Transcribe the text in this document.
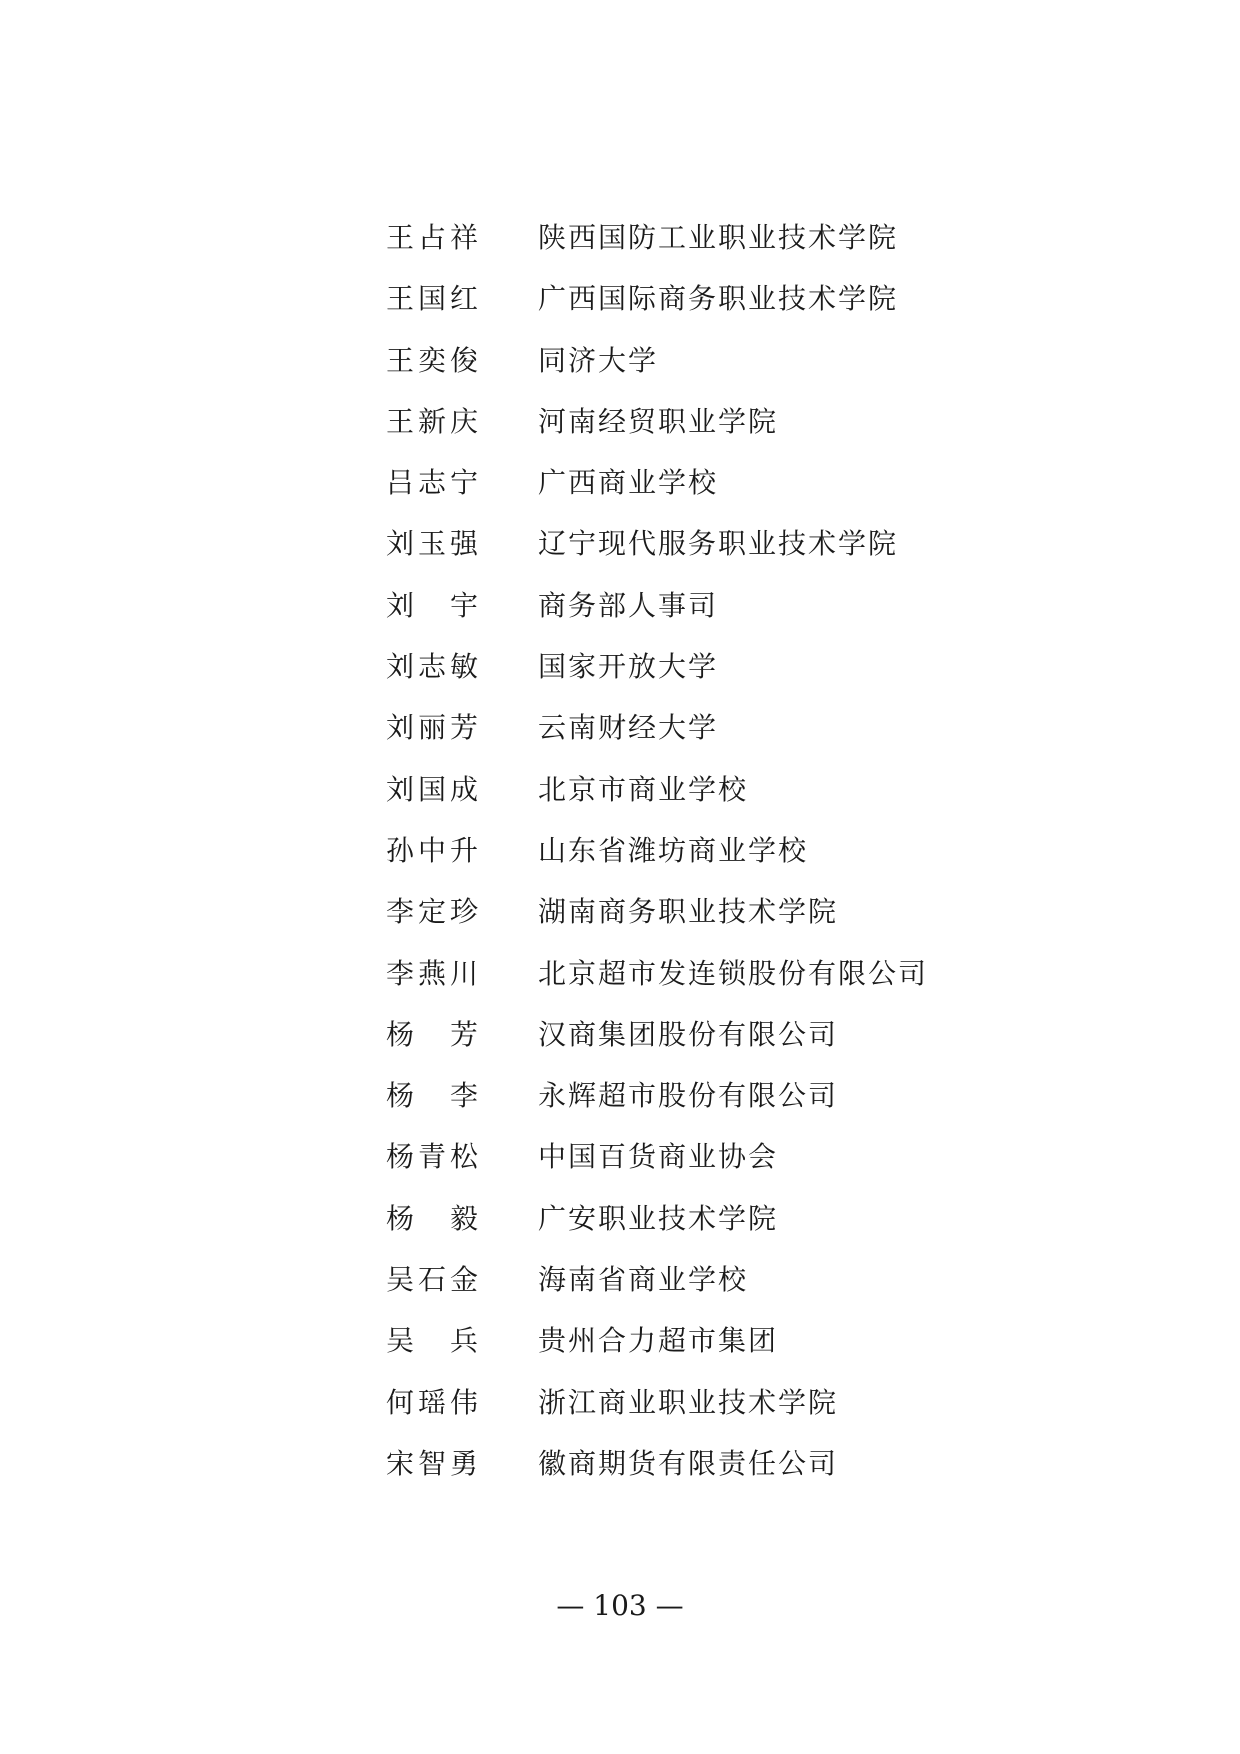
王占祥	陕西国防工业职业技术学院
王国红	广西国际商务职业技术学院
王奕俊	同济大学
王新庆	河南经贸职业学院
吕志宁	广西商业学校
刘玉强	辽宁现代服务职业技术学院
刘　宇	商务部人事司
刘志敏	国家开放大学
刘丽芳	云南财经大学
刘国成	北京市商业学校
孙中升	山东省潍坊商业学校
李定珍	湖南商务职业技术学院
李燕川	北京超市发连锁股份有限公司
杨　芳	汉商集团股份有限公司
杨　李	永辉超市股份有限公司
杨青松	中国百货商业协会
杨　毅	广安职业技术学院
吴石金	海南省商业学校
吴　兵	贵州合力超市集团
何瑶伟	浙江商业职业技术学院
宋智勇	徽商期货有限责任公司
— 103 —
